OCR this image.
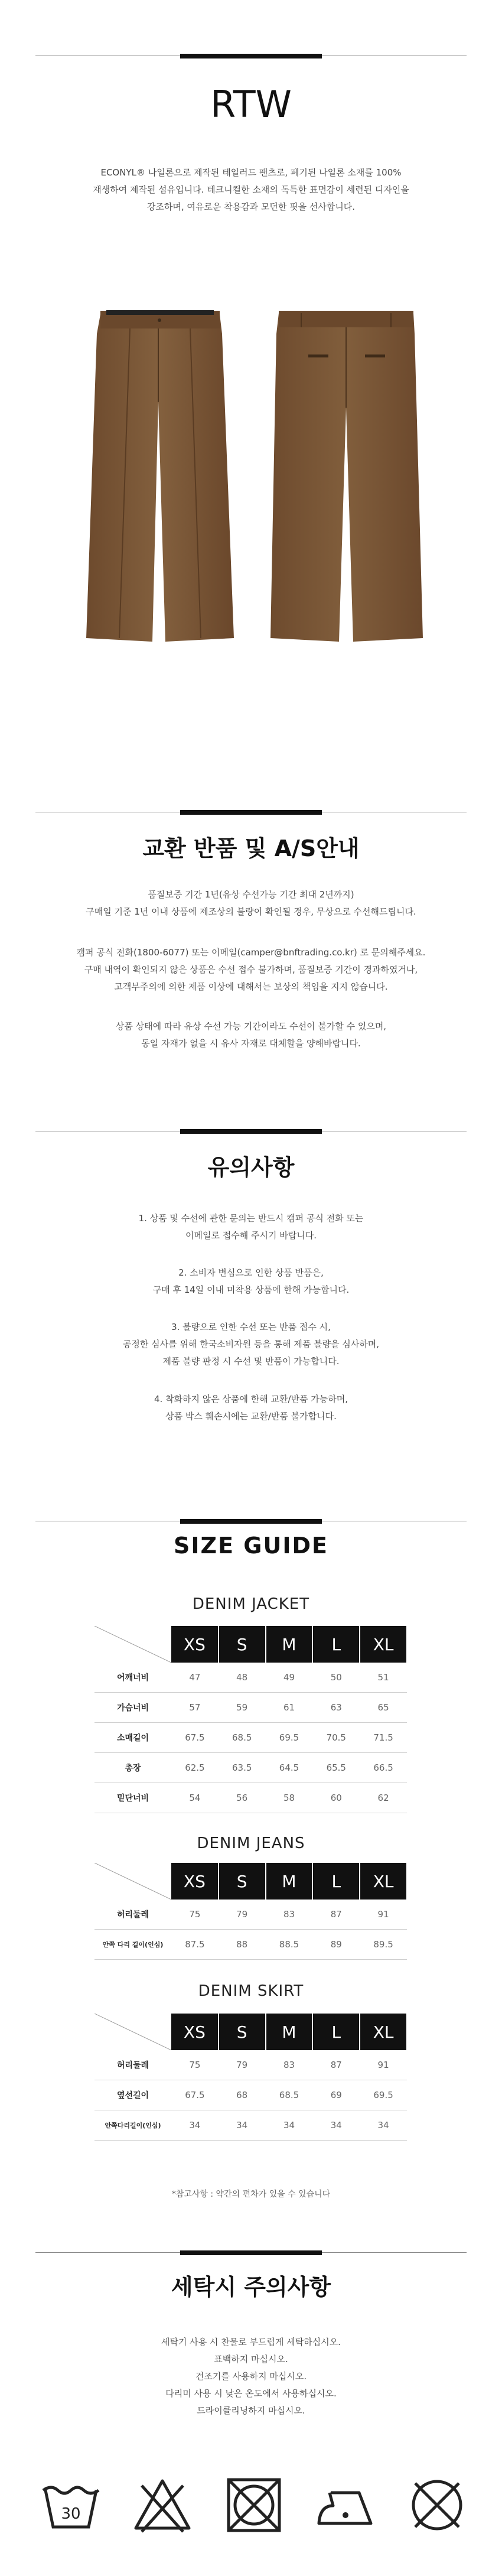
RTW
ECONYL® 나일론으로 제작된 테일러드 팬츠로, 폐기된 나일론 소재를 100%
재생하여 제작된 섬유입니다. 테크니컬한 소재의 독특한 표면감이 세련된 디자인을
강조하며, 여유로운 착용감과 모던한 핏을 선사합니다.
교환 반품 및 A/S안내
품질보증 기간 1년(유상 수선가능 기간 최대 2년까지)
구매일 기준 1년 이내 상품에 제조상의 불량이 확인될 경우, 무상으로 수선해드립니다.
캠퍼 공식 전화(1800-6077) 또는 이메일(camper@bnftrading.co.kr) 로 문의해주세요.
구매 내역이 확인되지 않은 상품은 수선 접수 불가하며, 품질보증 기간이 경과하였거나,
고객부주의에 의한 제품 이상에 대해서는 보상의 책임을 지지 않습니다.
상품 상태에 따라 유상 수선 가능 기간이라도 수선이 불가할 수 있으며,
동일 자재가 없을 시 유사 자재로 대체할을 양해바랍니다.
유의사항
1. 상품 및 수선에 관한 문의는 반드시 캠퍼 공식 전화 또는
이메일로 접수해 주시기 바랍니다.
2. 소비자 변심으로 인한 상품 반품은,
구매 후 14일 이내 미착용 상품에 한해 가능합니다.
3. 불량으로 인한 수선 또는 반품 접수 시,
공정한 심사를 위해 한국소비자원 등을 통해 제품 불량을 심사하며,
제품 불량 판정 시 수선 및 반품이 가능합니다.
4. 착화하지 않은 상품에 한해 교환/반품 가능하며,
상품 박스 훼손시에는 교환/반품 불가합니다.
SIZE GUIDE
DENIM JACKET
	XS	S	M	L	XL
어깨너비	47	48	49	50	51
가슴너비	57	59	61	63	65
소매길이	67.5	68.5	69.5	70.5	71.5
총장	62.5	63.5	64.5	65.5	66.5
밑단너비	54	56	58	60	62
DENIM JEANS
	XS	S	M	L	XL
허리둘레	75	79	83	87	91
안쪽 다리 길이(인심)	87.5	88	88.5	89	89.5
DENIM SKIRT
	XS	S	M	L	XL
허리둘레	75	79	83	87	91
옆선길이	67.5	68	68.5	69	69.5
안쪽다리길이(인심)	34	34	34	34	34
*참고사항 : 약간의 편차가 있을 수 있습니다
세탁시 주의사항
세탁기 사용 시 찬물로 부드럽게 세탁하십시오.
표백하지 마십시오.
건조기를 사용하지 마십시오.
다리미 사용 시 낮은 온도에서 사용하십시오.
드라이클리닝하지 마십시오.
30
